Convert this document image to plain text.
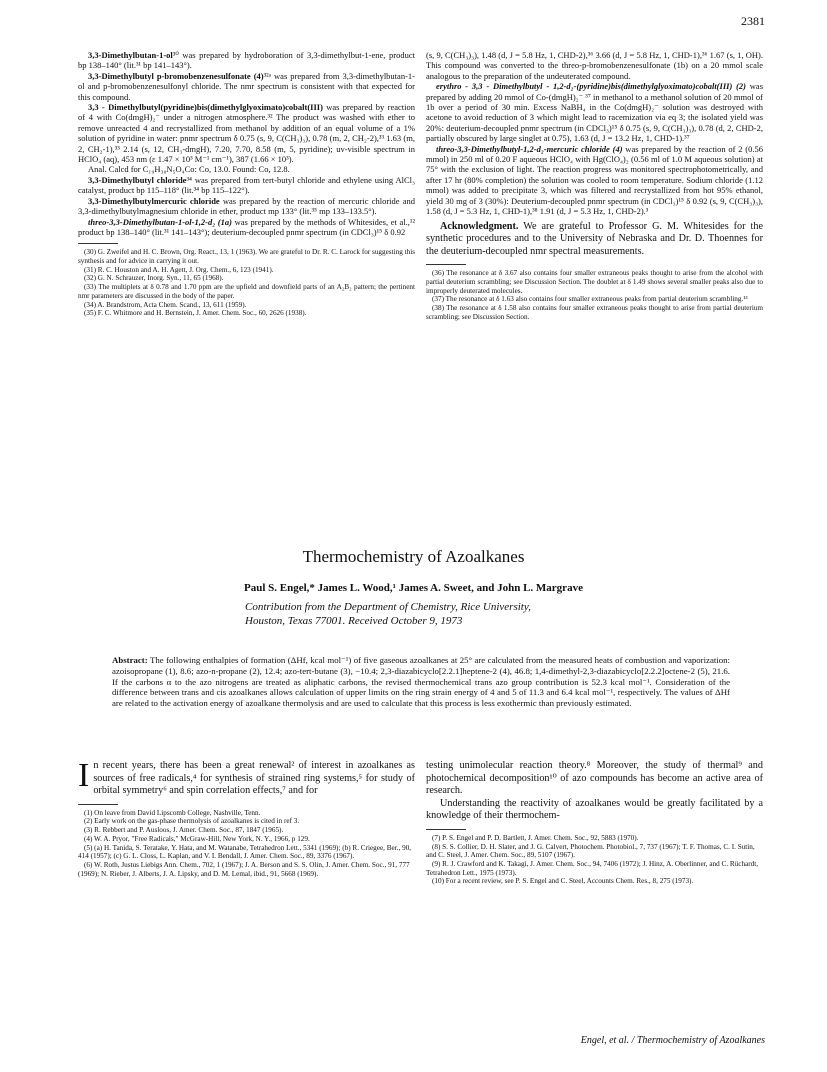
2381

3,3-Dimethylbutan-1-ol³⁰ was prepared by hydroboration of 3,3-dimethylbut-1-ene, product bp 138–140° (lit.³¹ bp 141–143°).

3,3-Dimethylbutyl p-bromobenzenesulfonate (4)³²ᵃ was prepared from 3,3-dimethylbutan-1-ol and p-bromobenzenesulfonyl chloride. The nmr spectrum is consistent with that expected for this compound.

3,3 - Dimethylbutyl(pyridine)bis(dimethylglyoximato)cobalt(III) was prepared by reaction of 4 with Co(dmgH)₂⁻ under a nitrogen atmosphere.³² The product was washed with ether to remove unreacted 4 and recrystallized from methanol by addition of an equal volume of a 1% solution of pyridine in water: pnmr spectrum δ 0.75 (s, 9, C(CH₃)₃), 0.78 (m, 2, CH₂-2),³³ 1.63 (m, 2, CH₂-1),³³ 2.14 (s, 12, CH₃-dmgH), 7.20, 7.70, 8.58 (m, 5, pyridine); uv-visible spectrum in HClO₄ (aq), 453 nm (ε 1.47 × 10³ M⁻¹ cm⁻¹), 387 (1.66 × 10³).

Anal. Calcd for C₁₉H₃₀N₅O₄Co: Co, 13.0. Found: Co, 12.8.

3,3-Dimethylbutyl chloride³⁴ was prepared from tert-butyl chloride and ethylene using AlCl₃ catalyst, product bp 115–118° (lit.³⁴ bp 115–122°).

3,3-Dimethylbutylmercuric chloride was prepared by the reaction of mercuric chloride and 3,3-dimethylbutylmagnesium chloride in ether, product mp 133° (lit.³⁵ mp 133–133.5°).

threo-3,3-Dimethylbutan-1-ol-1,2-d₂ (1a) was prepared by the methods of Whitesides, et al.,¹² product bp 138–140° (lit.³¹ 141–143°); deuterium-decoupled pnmr spectrum (in CDCl₃)¹⁵ δ 0.92

(30) G. Zweifel and H. C. Brown, Org. React., 13, 1 (1963). We are grateful to Dr. R. C. Larock for suggesting this synthesis and for advice in carrying it out.

(31) R. C. Houston and A. H. Agett, J. Org. Chem., 6, 123 (1941).

(32) G. N. Schrauzer, Inorg. Syn., 11, 65 (1968).

(33) The multiplets at δ 0.78 and 1.70 ppm are the upfield and downfield parts of an A₂B₂ pattern; the pertinent nmr parameters are discussed in the body of the paper.

(34) A. Brandstrom, Acta Chem. Scand., 13, 611 (1959).

(35) F. C. Whitmore and H. Bernstein, J. Amer. Chem. Soc., 60, 2626 (1938).

(s, 9, C(CH₃)₃), 1.48 (d, J = 5.8 Hz, 1, CHD-2),³⁶ 3.66 (d, J = 5.8 Hz, 1, CHD-1),³⁶ 1.67 (s, 1, OH). This compound was converted to the threo-p-bromobenzenesulfonate (1b) on a 20 mmol scale analogous to the preparation of the undeuterated compound.

erythro - 3,3 - Dimethylbutyl - 1,2-d₂-(pyridine)bis(dimethylglyoximato)cobalt(III) (2) was prepared by adding 20 mmol of Co-(dmgH)₂⁻ ³⁷ in methanol to a methanol solution of 20 mmol of 1b over a period of 30 min. Excess NaBH₄ in the Co(dmgH)₂⁻ solution was destroyed with acetone to avoid reduction of 3 which might lead to racemization via eq 3; the isolated yield was 20%: deuterium-decoupled pnmr spectrum (in CDCl₃)¹⁵ δ 0.75 (s, 9, C(CH₃)₃), 0.78 (d, 2, CHD-2, partially obscured by large singlet at 0.75), 1.63 (d, J = 13.2 Hz, 1, CHD-1).³⁷

threo-3,3-Dimethylbutyl-1,2-d₂-mercuric chloride (4) was prepared by the reaction of 2 (0.56 mmol) in 250 ml of 0.20 F aqueous HClO₄ with Hg(ClO₄)₂ (0.56 ml of 1.0 M aqueous solution) at 75° with the exclusion of light. The reaction progress was monitored spectrophotometrically, and after 17 hr (80% completion) the solution was cooled to room temperature. Sodium chloride (1.12 mmol) was added to precipitate 3, which was filtered and recrystallized from hot 95% ethanol, yield 30 mg of 3 (30%): Deuterium-decoupled pnmr spectrum (in CDCl₃)¹⁵ δ 0.92 (s, 9, C(CH₃)₃), 1.58 (d, J = 5.3 Hz, 1, CHD-1),³⁸ 1.91 (d, J = 5.3 Hz, 1, CHD-2).³

Acknowledgment. We are grateful to Professor G. M. Whitesides for the synthetic procedures and to the University of Nebraska and Dr. D. Thoennes for the deuterium-decoupled nmr spectral measurements.

(36) The resonance at δ 3.67 also contains four smaller extraneous peaks thought to arise from the alcohol with partial deuterium scrambling; see Discussion Section. The doublet at δ 1.49 shows several smaller peaks also due to improperly deuterated molecules.

(37) The resonance at δ 1.63 also contains four smaller extraneous peaks from partial deuterium scrambling.¹³

(38) The resonance at δ 1.58 also contains four smaller extraneous peaks thought to arise from partial deuterium scrambling; see Discussion Section.

Thermochemistry of Azoalkanes
Paul S. Engel,* James L. Wood,¹ James A. Sweet, and John L. Margrave
Contribution from the Department of Chemistry, Rice University,
Houston, Texas 77001. Received October 9, 1973
Abstract: The following enthalpies of formation (ΔHf, kcal mol⁻¹) of five gaseous azoalkanes at 25° are calculated from the measured heats of combustion and vaporization: azoisopropane (1), 8.6; azo-n-propane (2), 12.4; azo-tert-butane (3), −10.4; 2,3-diazabicyclo[2.2.1]heptene-2 (4), 46.8; 1,4-dimethyl-2,3-diazabicyclo[2.2.2]octene-2 (5), 21.6. If the carbons α to the azo nitrogens are treated as aliphatic carbons, the revised thermochemical trans azo group contribution is 52.3 kcal mol⁻¹. Consideration of the difference between trans and cis azoalkanes allows calculation of upper limits on the ring strain energy of 4 and 5 of 11.3 and 6.4 kcal mol⁻¹, respectively. The values of ΔHf are related to the activation energy of azoalkane thermolysis and are used to calculate that this process is less exothermic than previously estimated.
In recent years, there has been a great renewal² of interest in azoalkanes as sources of free radicals,⁴ for synthesis of strained ring systems,⁵ for study of orbital symmetry⁶ and spin correlation effects,⁷ and for

(1) On leave from David Lipscomb College, Nashville, Tenn.

(2) Early work on the gas-phase thermolysis of azoalkanes is cited in ref 3.

(3) R. Rebbert and P. Ausloos, J. Amer. Chem. Soc., 87, 1847 (1965).

(4) W. A. Pryor, "Free Radicals," McGraw-Hill, New York, N. Y., 1966, p 129.

(5) (a) H. Tanida, S. Teratake, Y. Hata, and M. Watanabe, Tetrahedron Lett., 5341 (1969); (b) R. Criegee, Ber., 90, 414 (1957); (c) G. L. Closs, L. Kaplan, and V. I. Bendall, J. Amer. Chem. Soc., 89, 3376 (1967).

(6) W. Roth, Justus Liebigs Ann. Chem., 702, 1 (1967); J. A. Berson and S. S. Olin, J. Amer. Chem. Soc., 91, 777 (1969); N. Rieber, J. Alberts, J. A. Lipsky, and D. M. Lemal, ibid., 91, 5668 (1969).

testing unimolecular reaction theory.⁸ Moreover, the study of thermal⁹ and photochemical decomposition¹⁰ of azo compounds has become an active area of research.

Understanding the reactivity of azoalkanes would be greatly facilitated by a knowledge of their thermochem-

(7) P. S. Engel and P. D. Bartlett, J. Amer. Chem. Soc., 92, 5883 (1970).

(8) S. S. Collier, D. H. Slater, and J. G. Calvert, Photochem. Photobiol., 7, 737 (1967); T. F. Thomas, C. I. Sutin, and C. Steel, J. Amer. Chem. Soc., 89, 5107 (1967).

(9) R. J. Crawford and K. Takagi, J. Amer. Chem. Soc., 94, 7406 (1972); J. Hinz, A. Oberlinner, and C. Rüchardt, Tetrahedron Lett., 1975 (1973).

(10) For a recent review, see P. S. Engel and C. Steel, Accounts Chem. Res., 8, 275 (1973).

Engel, et al. / Thermochemistry of Azoalkanes
